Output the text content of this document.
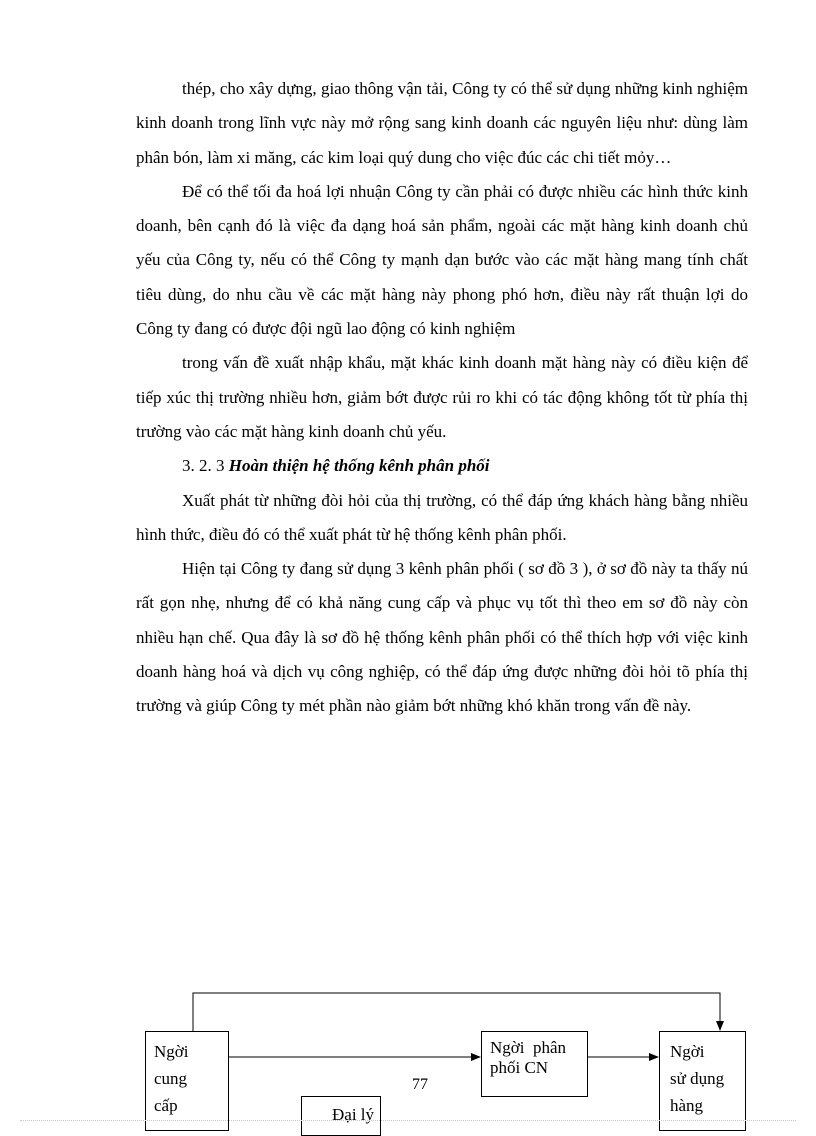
thép, cho xây dựng, giao thông vận tải, Công ty có thể sử dụng những kinh nghiệm kinh doanh trong lĩnh vực này mở rộng sang kinh doanh các nguyên liệu như: dùng làm phân bón, làm xi măng, các kim loại quý dung cho việc đúc các chi tiết mỏy…

Để có thể tối đa hoá lợi nhuận Công ty cần phải có được nhiều các hình thức kinh doanh, bên cạnh đó là việc đa dạng hoá sản phẩm, ngoài các mặt hàng kinh doanh chủ yếu của Công ty, nếu có thể Công ty mạnh dạn bước vào các mặt hàng mang tính chất tiêu dùng, do nhu cầu về các mặt hàng này phong phó hơn, điều này rất thuận lợi do Công ty đang có được đội ngũ lao động có kinh nghiệm

trong vấn đề xuất nhập khẩu, mặt khác kinh doanh mặt hàng này có điều kiện để tiếp xúc thị trường nhiều hơn, giảm bớt được rủi ro khi có tác động không tốt từ phía thị trường vào các mặt hàng kinh doanh chủ yếu.

3. 2. 3 Hoàn thiện hệ thống kênh phân phối

Xuất phát từ những đòi hỏi của thị trường, có thể đáp ứng khách hàng bằng nhiều hình thức, điều đó có thể xuất phát từ hệ thống kênh phân phối.

Hiện tại Công ty đang sử dụng 3 kênh phân phối ( sơ đồ 3 ), ở sơ đồ này ta thấy nú rất gọn nhẹ, nhưng để có khả năng cung cấp và phục vụ tốt thì theo em sơ đồ này còn nhiều hạn chế. Qua đây là sơ đồ hệ thống kênh phân phối có thể thích hợp với việc kinh doanh hàng hoá và dịch vụ công nghiệp, có thể đáp ứng được những đòi hỏi tõ phía thị trường và giúp Công ty mét phần nào giảm bớt những khó khăn trong vấn đề này.

Ngời
cung
cấp
Ngời  phân
phối CN
Ngời
sử dụng
hàng
Đại lý
77
